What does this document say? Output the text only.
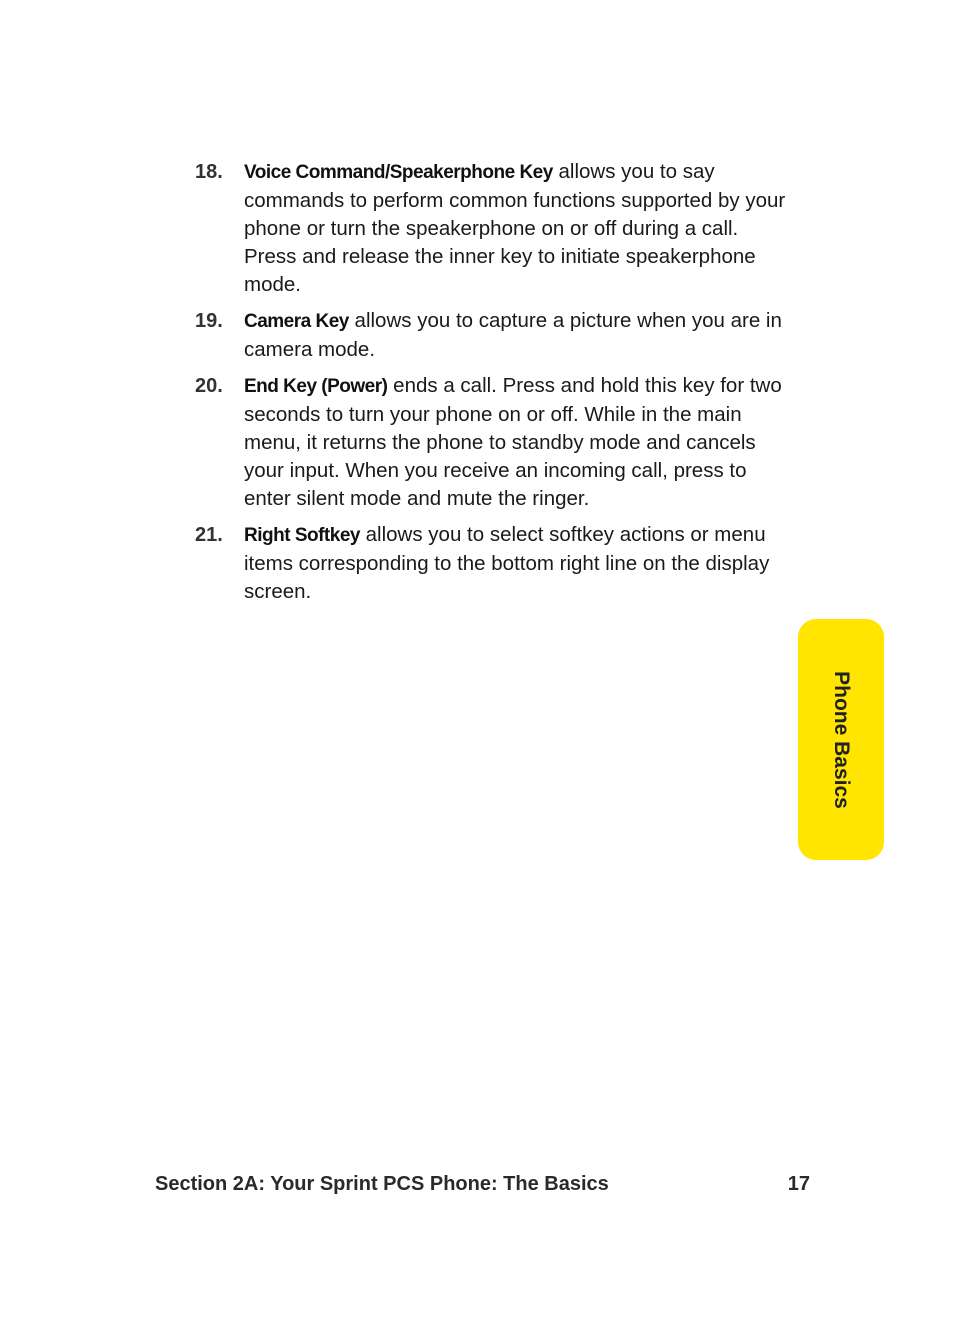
18.	Voice Command/Speakerphone Key allows you to say commands to perform common functions supported by your phone or turn the speakerphone on or off during a call. Press and release the inner key to initiate speakerphone mode.
19.	Camera Key allows you to capture a picture when you are in camera mode.
20.	End Key (Power) ends a call. Press and hold this key for two seconds to turn your phone on or off. While in the main menu, it returns the phone to standby mode and cancels your input. When you receive an incoming call, press to enter silent mode and mute the ringer.
21.	Right Softkey allows you to select softkey actions or menu items corresponding to the bottom right line on the display screen.
Phone Basics
Section 2A: Your Sprint PCS Phone: The Basics	17
